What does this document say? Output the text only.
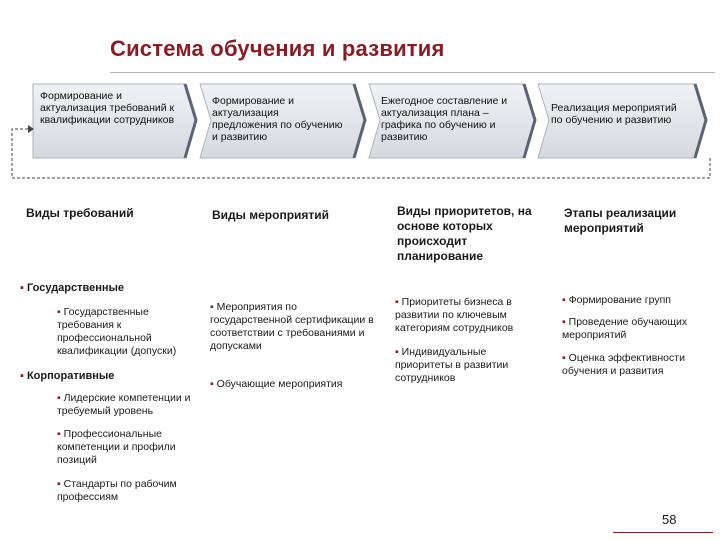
Система обучения и развития
Формирование и актуализация требований к квалификации сотрудников
Формирование и актуализация предложения по обучению и развитию
Ежегодное составление и актуализация плана – графика по обучению и развитию
Реализация мероприятий по обучению и развитию
Виды требований	Виды мероприятий	Виды приоритетов, на основе которых происходит планирование
Этапы реализации мероприятий
▪ Государственные
▪ Государственные требования к профессиональной квалификации (допуски)
▪ Корпоративные
▪ Лидерские компетенции и требуемый уровень
▪ Профессиональные компетенции и профили позиций
▪ Стандарты по рабочим профессиям
▪ Мероприятия по государственной сертификации в соответствии с требованиями и допусками
▪ Обучающие мероприятия
▪ Приоритеты бизнеса в развитии по ключевым категориям сотрудников
▪ Индивидуальные приоритеты в развитии сотрудников
▪ Формирование групп
▪ Проведение обучающих мероприятий
▪ Оценка эффективности обучения и развития
58
